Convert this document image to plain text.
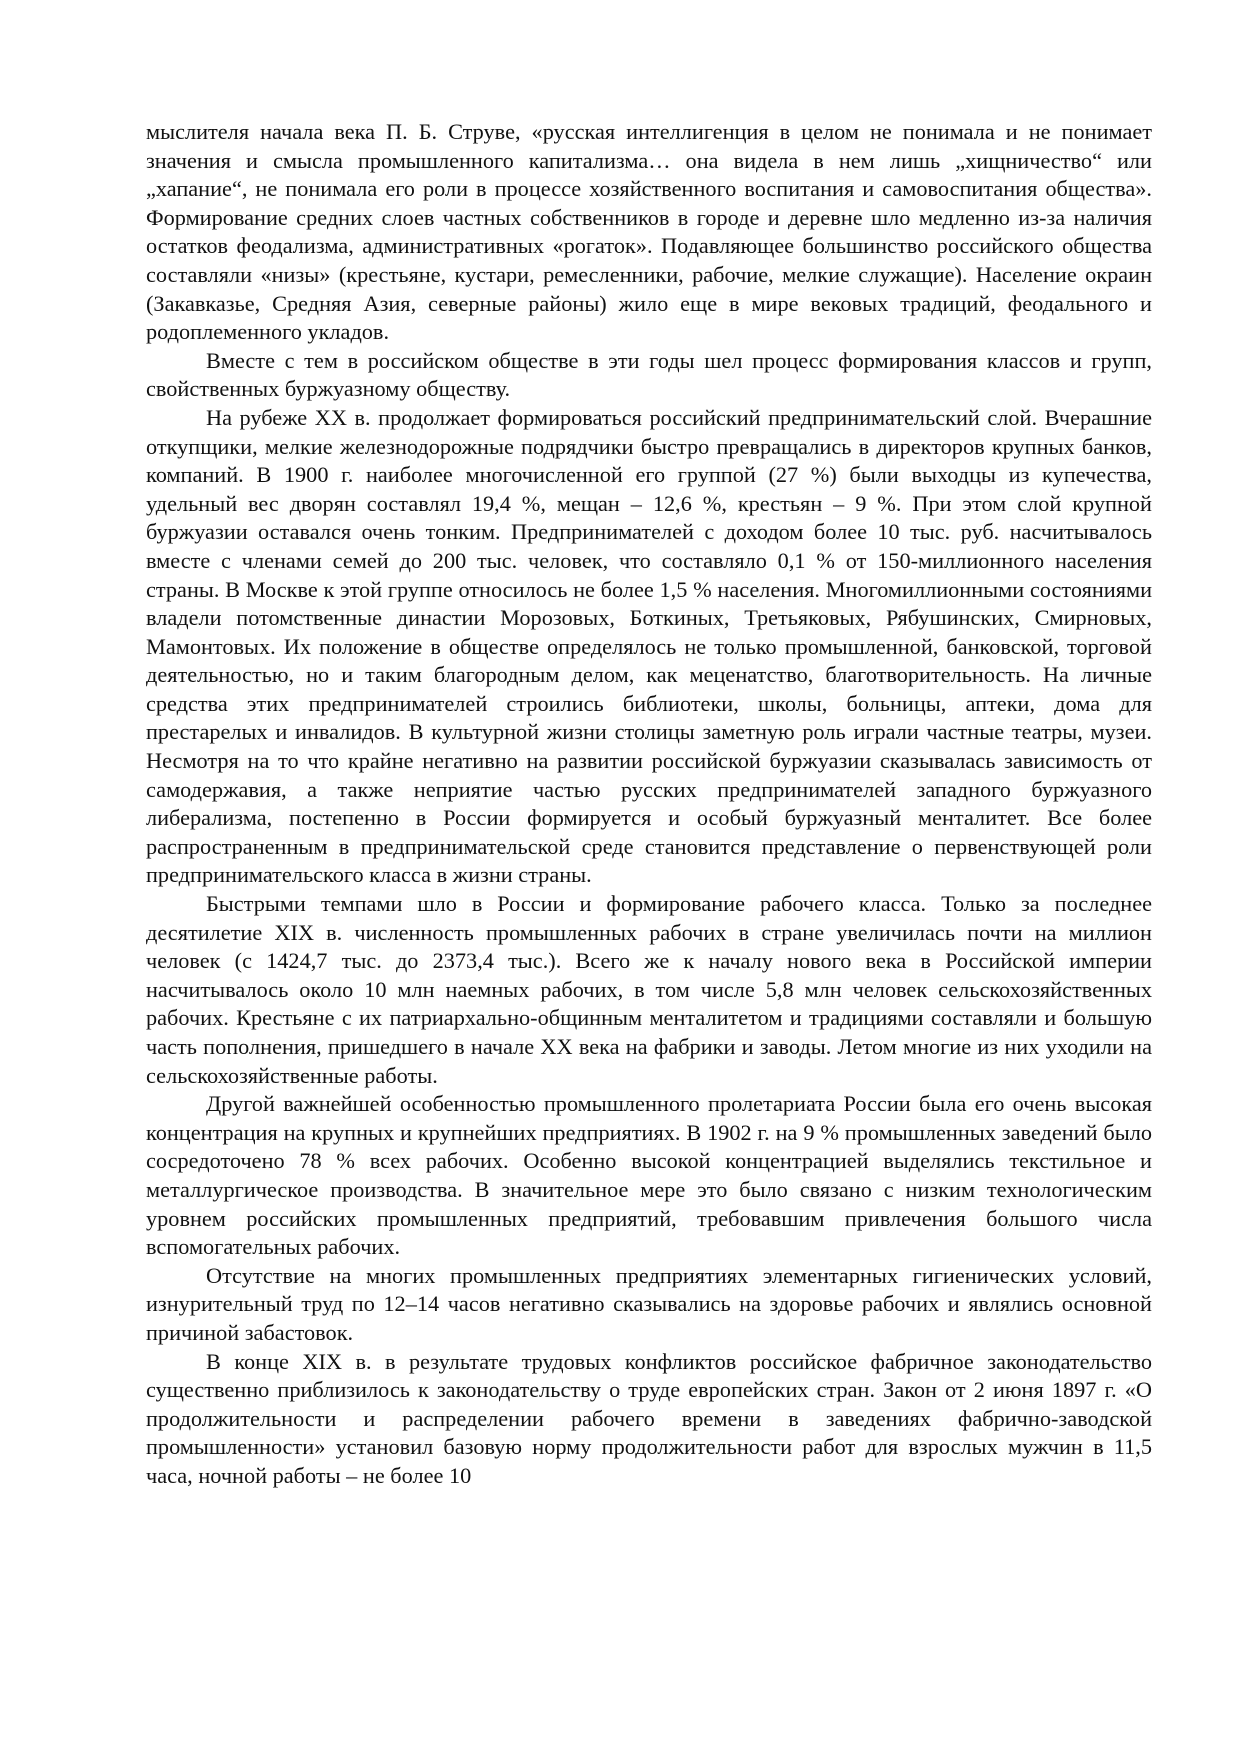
мыслителя начала века П. Б. Струве, «русская интеллигенция в целом не понимала и не понимает значения и смысла промышленного капитализма… она видела в нем лишь „хищничество“ или „хапание“, не понимала его роли в процессе хозяйственного воспитания и самовоспитания общества». Формирование средних слоев частных собственников в городе и деревне шло медленно из-за наличия остатков феодализма, административных «рогаток». Подавляющее большинство российского общества составляли «низы» (крестьяне, кустари, ремесленники, рабочие, мелкие служащие). Население окраин (Закавказье, Средняя Азия, северные районы) жило еще в мире вековых традиций, феодального и родоплеменного укладов.

Вместе с тем в российском обществе в эти годы шел процесс формирования классов и групп, свойственных буржуазному обществу.

На рубеже XX в. продолжает формироваться российский предпринимательский слой. Вчерашние откупщики, мелкие железнодорожные подрядчики быстро превращались в директоров крупных банков, компаний. В 1900 г. наиболее многочисленной его группой (27 %) были выходцы из купечества, удельный вес дворян составлял 19,4 %, мещан – 12,6 %, крестьян – 9 %. При этом слой крупной буржуазии оставался очень тонким. Предпринимателей с доходом более 10 тыс. руб. насчитывалось вместе с членами семей до 200 тыс. человек, что составляло 0,1 % от 150-миллионного населения страны. В Москве к этой группе относилось не более 1,5 % населения. Многомиллионными состояниями владели потомственные династии Морозовых, Боткиных, Третьяковых, Рябушинских, Смирновых, Мамонтовых. Их положение в обществе определялось не только промышленной, банковской, торговой деятельностью, но и таким благородным делом, как меценатство, благотворительность. На личные средства этих предпринимателей строились библиотеки, школы, больницы, аптеки, дома для престарелых и инвалидов. В культурной жизни столицы заметную роль играли частные театры, музеи. Несмотря на то что крайне негативно на развитии российской буржуазии сказывалась зависимость от самодержавия, а также неприятие частью русских предпринимателей западного буржуазного либерализма, постепенно в России формируется и особый буржуазный менталитет. Все более распространенным в предпринимательской среде становится представление о первенствующей роли предпринимательского класса в жизни страны.

Быстрыми темпами шло в России и формирование рабочего класса. Только за последнее десятилетие XIX в. численность промышленных рабочих в стране увеличилась почти на миллион человек (с 1424,7 тыс. до 2373,4 тыс.). Всего же к началу нового века в Российской империи насчитывалось около 10 млн наемных рабочих, в том числе 5,8 млн человек сельскохозяйственных рабочих. Крестьяне с их патриархально-общинным менталитетом и традициями составляли и большую часть пополнения, пришедшего в начале XX века на фабрики и заводы. Летом многие из них уходили на сельскохозяйственные работы.

Другой важнейшей особенностью промышленного пролетариата России была его очень высокая концентрация на крупных и крупнейших предприятиях. В 1902 г. на 9 % промышленных заведений было сосредоточено 78 % всех рабочих. Особенно высокой концентрацией выделялись текстильное и металлургическое производства. В значительное мере это было связано с низким технологическим уровнем российских промышленных предприятий, требовавшим привлечения большого числа вспомогательных рабочих.

Отсутствие на многих промышленных предприятиях элементарных гигиенических условий, изнурительный труд по 12–14 часов негативно сказывались на здоровье рабочих и являлись основной причиной забастовок.

В конце XIX в. в результате трудовых конфликтов российское фабричное законодательство существенно приблизилось к законодательству о труде европейских стран. Закон от 2 июня 1897 г. «О продолжительности и распределении рабочего времени в заведениях фабрично-заводской промышленности» установил базовую норму продолжительности работ для взрослых мужчин в 11,5 часа, ночной работы – не более 10
